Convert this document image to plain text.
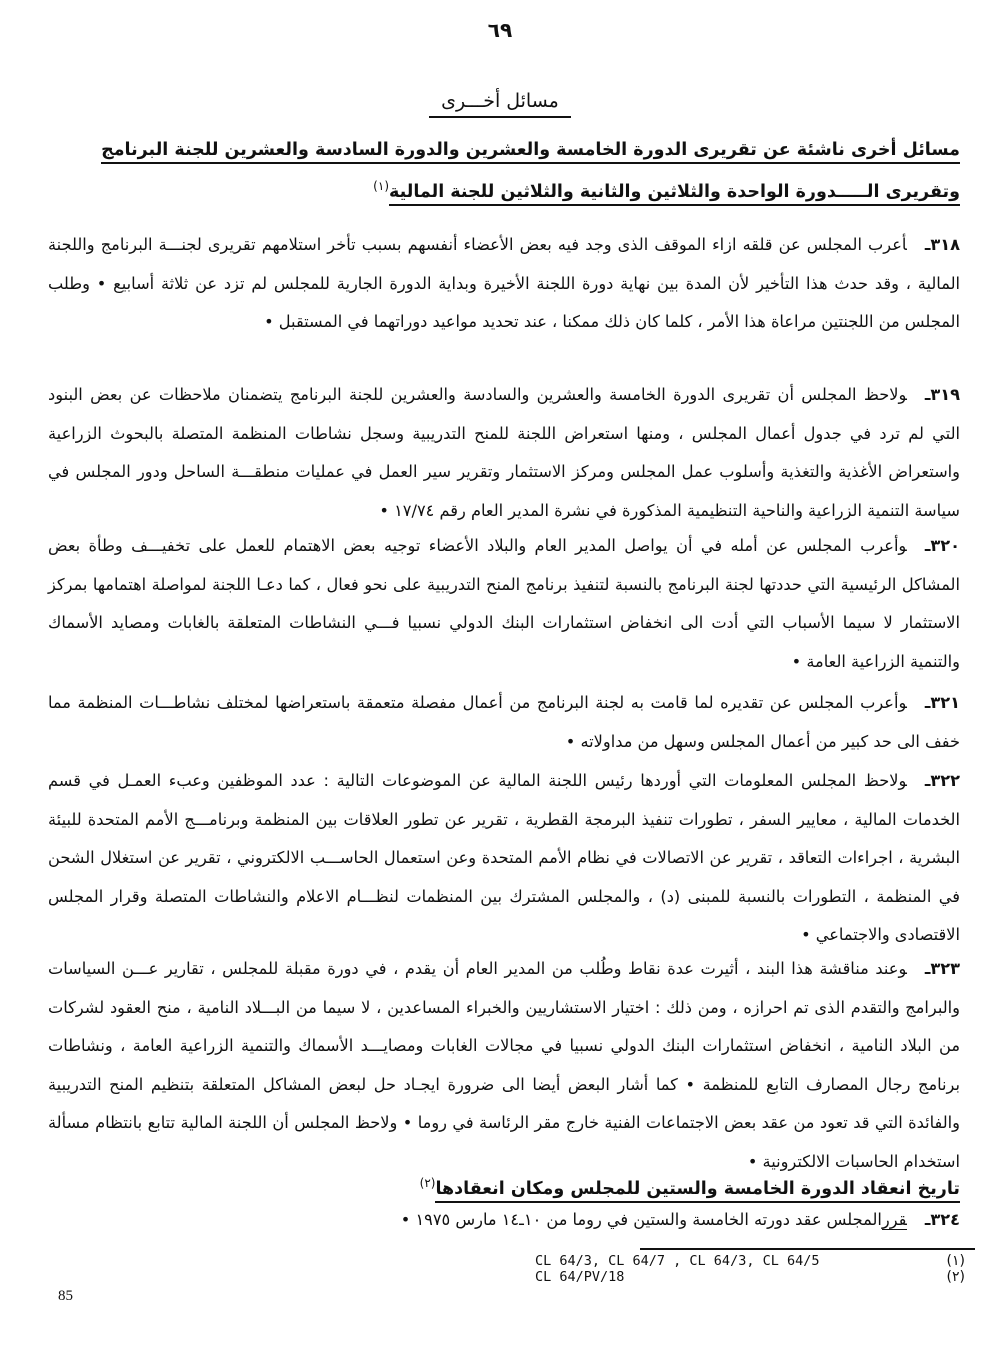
٦٩
مسائل أخـــرى
مسائل أخرى ناشئة عن تقريرى الدورة الخامسة والعشرين والدورة السادسة والعشرين للجنة البرنامج وتقريرى الـــــدورة الواحدة والثلاثين والثانية والثلاثين للجنة المالية$^{(١)}$
٣١٨ـأعرب المجلس عن قلقه ازاء الموقف الذى وجد فيه بعض الأعضاء أنفسهم بسبب تأخر استلامهم تقريرى لجنـــة البرنامج واللجنة المالية ، وقد حدث هذا التأخير لأن المدة بين نهاية دورة اللجنة الأخيرة وبداية الدورة الجارية للمجلس لم تزد عن ثلاثة أسابيع • وطلب المجلس من اللجنتين مراعاة هذا الأمر ، كلما كان ذلك ممكنا ، عند تحديد مواعيد دوراتهما في المستقبل •
٣١٩ـولاحظ المجلس أن تقريرى الدورة الخامسة والعشرين والسادسة والعشرين للجنة البرنامج يتضمنان ملاحظات عن بعض البنود التي لم ترد في جدول أعمال المجلس ، ومنها استعراض اللجنة للمنح التدريبية وسجل نشاطات المنظمة المتصلة بالبحوث الزراعية واستعراض الأغذية والتغذية وأسلوب عمل المجلس ومركز الاستثمار وتقرير سير العمل في عمليات منطقـــة الساحل ودور المجلس في سياسة التنمية الزراعية والناحية التنظيمية المذكورة في نشرة المدير العام رقم ١٧/٧٤ •
٣٢٠ـوأعرب المجلس عن أمله في أن يواصل المدير العام والبلاد الأعضاء توجيه بعض الاهتمام للعمل على تخفيـــف وطأة بعض المشاكل الرئيسية التي حددتها لجنة البرنامج بالنسبة لتنفيذ برنامج المنح التدريبية على نحو فعال ، كما دعـا اللجنة لمواصلة اهتمامها بمركز الاستثمار لا سيما الأسباب التي أدت الى انخفاض استثمارات البنك الدولي نسبيا فـــي النشاطات المتعلقة بالغابات ومصايد الأسماك والتنمية الزراعية العامة •
٣٢١ـوأعرب المجلس عن تقديره لما قامت به لجنة البرنامج من أعمال مفصلة متعمقة باستعراضها لمختلف نشاطـــات المنظمة مما خفف الى حد كبير من أعمال المجلس وسهل من مداولاته •
٣٢٢ـولاحظ المجلس المعلومات التي أوردها رئيس اللجنة المالية عن الموضوعات التالية : عدد الموظفين وعبء العمـل في قسم الخدمات المالية ، معايير السفر ، تطورات تنفيذ البرمجة القطرية ، تقرير عن تطور العلاقات بين المنظمة وبرنامـــج الأمم المتحدة للبيئة البشرية ، اجراءات التعاقد ، تقرير عن الاتصالات في نظام الأمم المتحدة وعن استعمال الحاســـب الالكتروني ، تقرير عن استغلال الشحن في المنظمة ، التطورات بالنسبة للمبنى (د) ، والمجلس المشترك بين المنظمات لنظـــام الاعلام والنشاطات المتصلة وقرار المجلس الاقتصادى والاجتماعي •
٣٢٣ـوعند مناقشة هذا البند ، أثيرت عدة نقاط وطُلب من المدير العام أن يقدم ، في دورة مقبلة للمجلس ، تقارير عـــن السياسات والبرامج والتقدم الذى تم احرازه ، ومن ذلك : اختيار الاستشاريين والخبراء المساعدين ، لا سيما من البـــلاد النامية ، منح العقود لشركات من البلاد النامية ، انخفاض استثمارات البنك الدولي نسبيا في مجالات الغابات ومصايـــد الأسماك والتنمية الزراعية العامة ، ونشاطات برنامج رجال المصارف التابع للمنظمة • كما أشار البعض أيضا الى ضرورة ايجـاد حل لبعض المشاكل المتعلقة بتنظيم المنح التدريبية والفائدة التي قد تعود من عقد بعض الاجتماعات الفنية خارج مقر الرئاسة في روما • ولاحظ المجلس أن اللجنة المالية تتابع بانتظام مسألة استخدام الحاسبات الالكترونية •
تاريخ انعقاد الدورة الخامسة والستين للمجلس ومكان انعقادها$^{(٢)}$
٣٢٤ـقررالمجلس عقد دورته الخامسة والستين في روما من ١٠ـ١٤ مارس ١٩٧٥ •
CL 64/3, CL 64/7 , CL 64/3, CL 64/5	(١)
CL 64/PV/18	(٢)
85
